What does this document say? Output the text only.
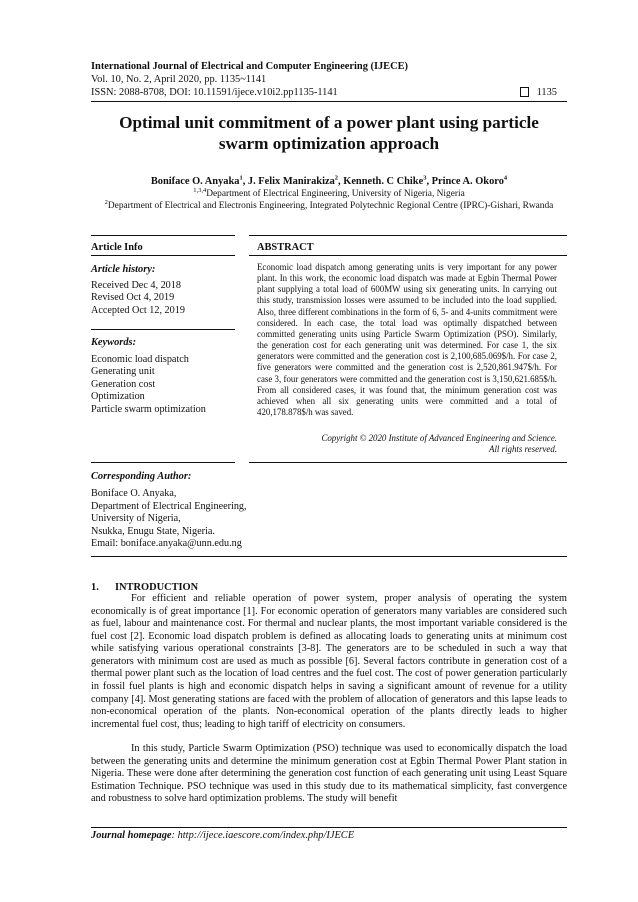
International Journal of Electrical and Computer Engineering (IJECE)
Vol. 10, No. 2, April 2020, pp. 1135~1141
ISSN: 2088-8708, DOI: 10.11591/ijece.v10i2.pp1135-1141	1135
Optimal unit commitment of a power plant using particle
swarm optimization approach
Boniface O. Anyaka$^1$, J. Felix Manirakiza$^2$, Kenneth. C Chike$^3$, Prince A. Okoro$^4$
$^{1,3,4}$Department of Electrical Engineering, University of Nigeria, Nigeria
$^2$Department of Electrical and Electronis Engineering, Integrated Polytechnic Regional Centre (IPRC)-Gishari, Rwanda
Article Info
Article history:
Received Dec 4, 2018
Revised Oct 4, 2019
Accepted Oct 12, 2019
Keywords:
Economic load dispatch
Generating unit
Generation cost
Optimization
Particle swarm optimization
ABSTRACT
Economic load dispatch among generating units is very important for any power plant. In this work, the economic load dispatch was made at Egbin Thermal Power plant supplying a total load of 600MW using six generating units. In carrying out this study, transmission losses were assumed to be included into the load supplied. Also, three different combinations in the form of 6, 5- and 4-units commitment were considered. In each case, the total load was optimally dispatched between committed generating units using Particle Swarm Optimization (PSO). Similarly, the generation cost for each generating unit was determined. For case 1, the six generators were committed and the generation cost is 2,100,685.069$/h. For case 2, five generators were committed and the generation cost is 2,520,861.947$/h. For case 3, four generators were committed and the generation cost is 3,150,621.685$/h. From all considered cases, it was found that, the minimum generation cost was achieved when all six generating units were committed and a total of 420,178.878$/h was saved.
Copyright © 2020 Institute of Advanced Engineering and Science.
All rights reserved.
Corresponding Author:
Boniface O. Anyaka,
Department of Electrical Engineering,
University of Nigeria,
Nsukka, Enugu State, Nigeria.
Email: boniface.anyaka@unn.edu.ng
1. INTRODUCTION
For efficient and reliable operation of power system, proper analysis of operating the system economically is of great importance [1]. For economic operation of generators many variables are considered such as fuel, labour and maintenance cost. For thermal and nuclear plants, the most important variable considered is the fuel cost [2]. Economic load dispatch problem is defined as allocating loads to generating units at minimum cost while satisfying various operational constraints [3-8]. The generators are to be scheduled in such a way that generators with minimum cost are used as much as possible [6]. Several factors contribute in generation cost of a thermal power plant such as the location of load centres and the fuel cost. The cost of power generation particularly in fossil fuel plants is high and economic dispatch helps in saving a significant amount of revenue for a utility company [4]. Most generating stations are faced with the problem of allocation of generators and this lapse leads to non-economical operation of the plants. Non-economical operation of the plants directly leads to higher incremental fuel cost, thus; leading to high tariff of electricity on consumers.
In this study, Particle Swarm Optimization (PSO) technique was used to economically dispatch the load between the generating units and determine the minimum generation cost at Egbin Thermal Power Plant station in Nigeria. These were done after determining the generation cost function of each generating unit using Least Square Estimation Technique. PSO technique was used in this study due to its mathematical simplicity, fast convergence and robustness to solve hard optimization problems. The study will benefit
Journal homepage: http://ijece.iaescore.com/index.php/IJECE
